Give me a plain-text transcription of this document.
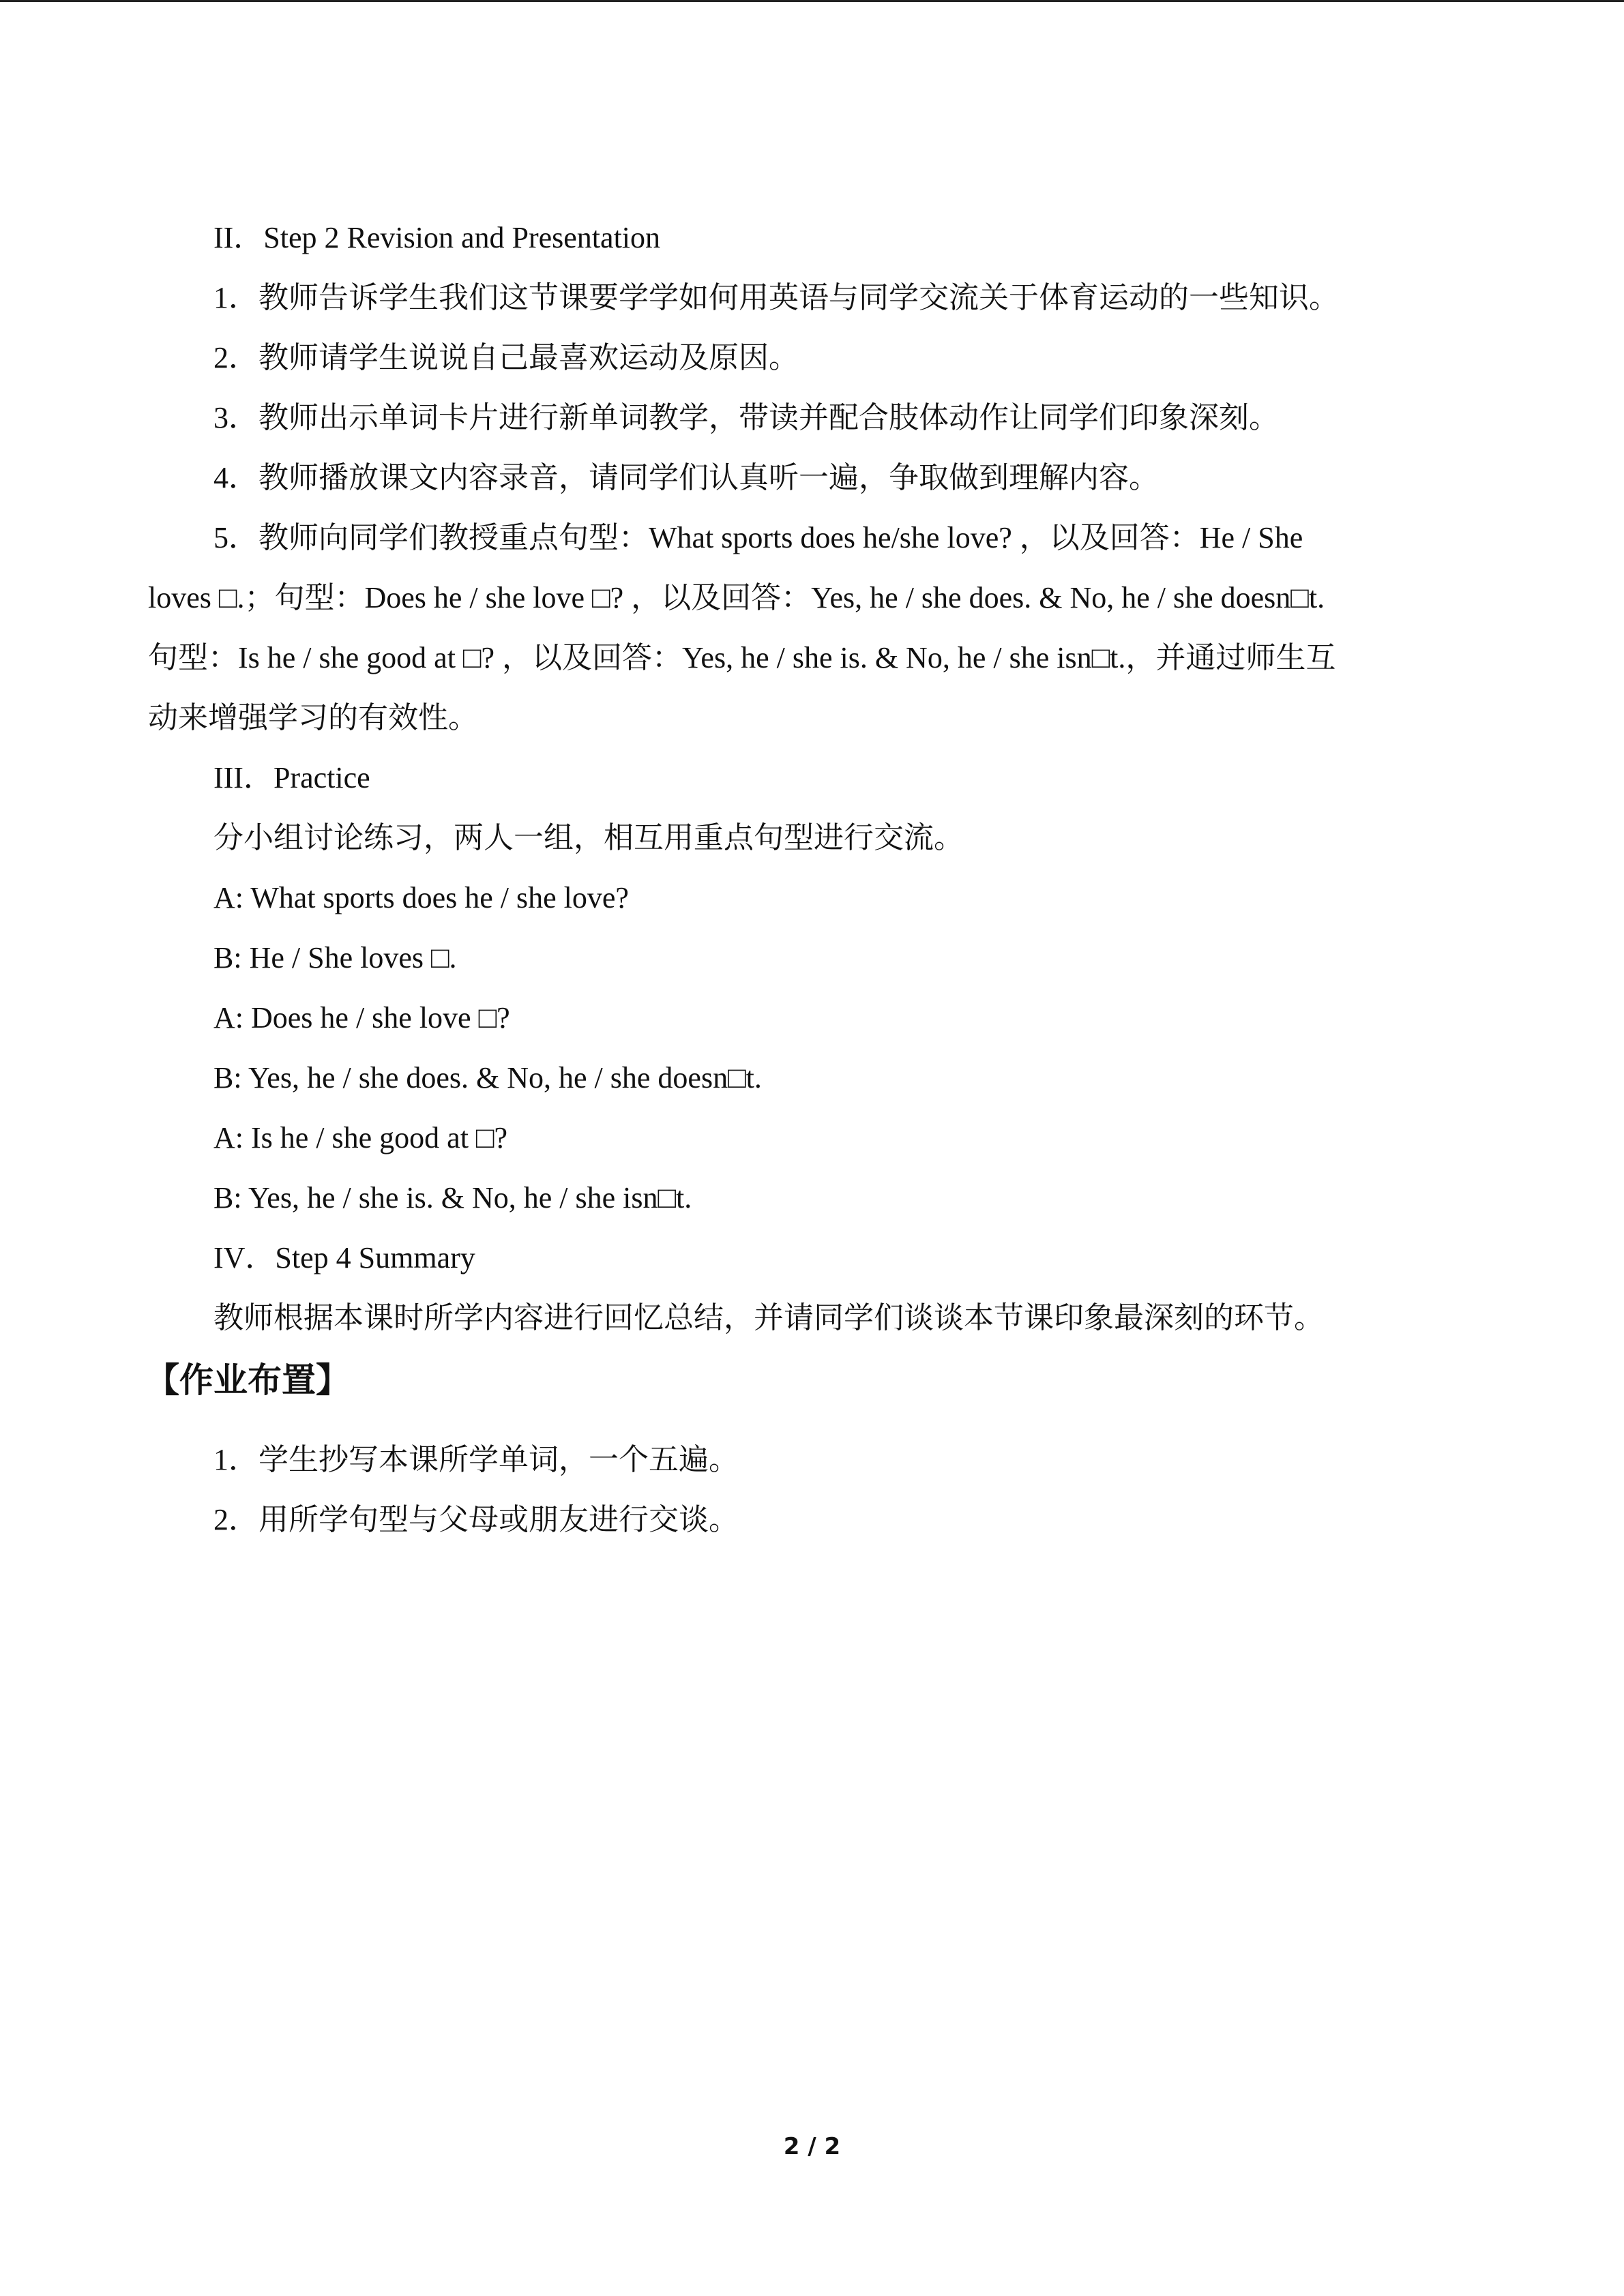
II．Step 2 Revision and Presentation
1．教师告诉学生我们这节课要学学如何用英语与同学交流关于体育运动的一些知识。
2．教师请学生说说自己最喜欢运动及原因。
3．教师出示单词卡片进行新单词教学，带读并配合肢体动作让同学们印象深刻。
4．教师播放课文内容录音，请同学们认真听一遍，争取做到理解内容。
5．教师向同学们教授重点句型：What sports does he/she love? ，以及回答：He / She
loves □.；句型：Does he / she love □? ，以及回答：Yes, he / she does. & No, he / she doesn□t.
句型：Is he / she good at □? ，以及回答：Yes, he / she is. & No, he / she isn□t.，并通过师生互
动来增强学习的有效性。
III．Practice
分小组讨论练习，两人一组，相互用重点句型进行交流。
A: What sports does he / she love?
B: He / She loves □.
A: Does he / she love □?
B: Yes, he / she does. & No, he / she doesn□t.
A: Is he / she good at □?
B: Yes, he / she is. & No, he / she isn□t.
IV．Step 4 Summary
教师根据本课时所学内容进行回忆总结，并请同学们谈谈本节课印象最深刻的环节。
【作业布置】
1．学生抄写本课所学单词，一个五遍。
2．用所学句型与父母或朋友进行交谈。
2 / 2
